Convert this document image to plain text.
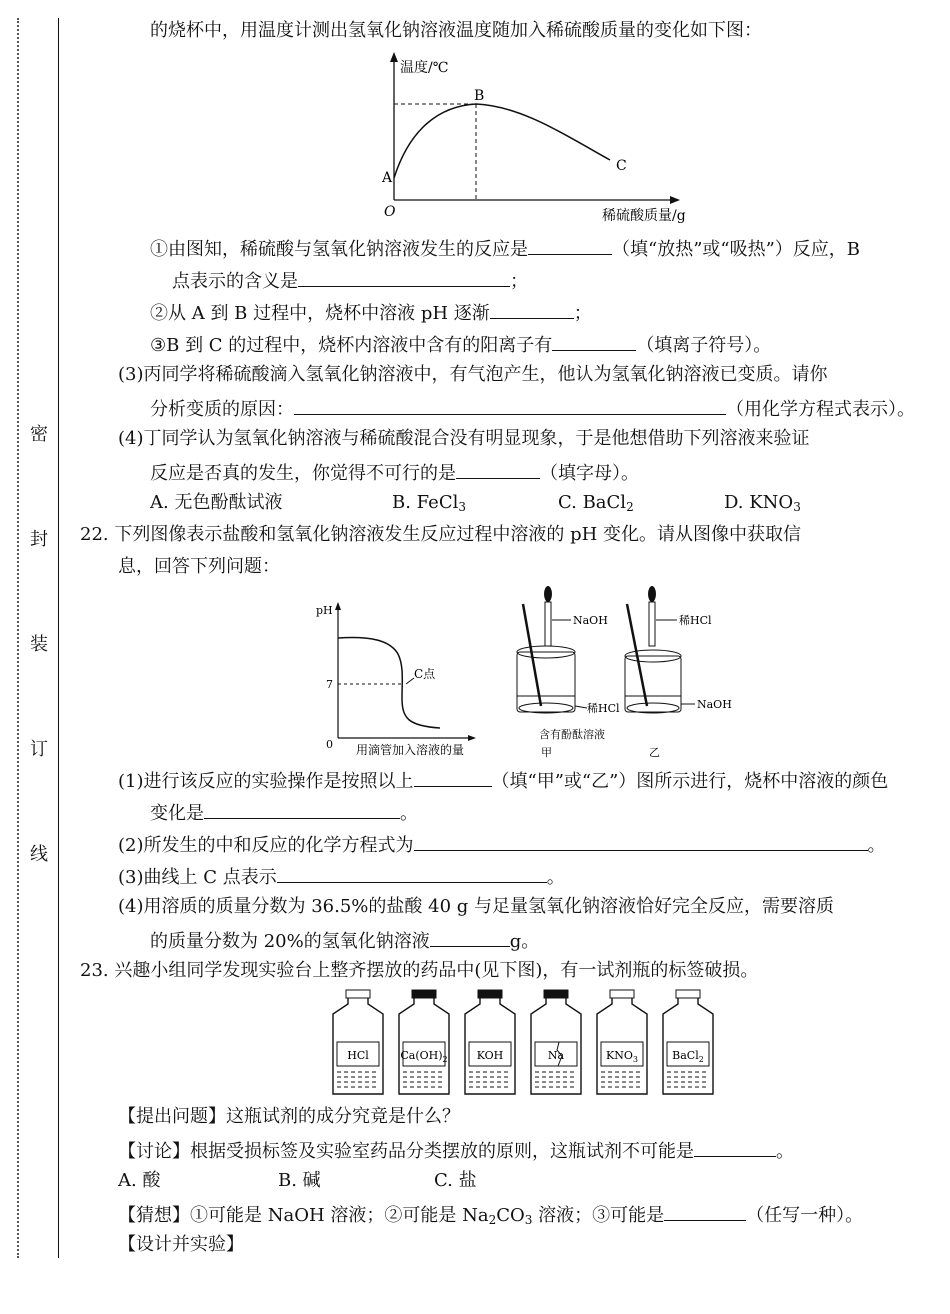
密
封
装
订
线
的烧杯中，用温度计测出氢氧化钠溶液温度随加入稀硫酸质量的变化如下图：
温度/℃
O
A
B
C
稀硫酸质量/g
①由图知，稀硫酸与氢氧化钠溶液发生的反应是	（填“放热”或“吸热”）反应，B
点表示的含义是	；
②从 A 到 B 过程中，烧杯中溶液 pH 逐渐	；
③B 到 C 的过程中，烧杯内溶液中含有的阳离子有	（填离子符号）。
(3)丙同学将稀硫酸滴入氢氧化钠溶液中，有气泡产生，他认为氢氧化钠溶液已变质。请你
分析变质的原因：	（用化学方程式表示）。
(4)丁同学认为氢氧化钠溶液与稀硫酸混合没有明显现象，于是他想借助下列溶液来验证
反应是否真的发生，你觉得不可行的是	（填字母）。
A. 无色酚酞试液	B. FeCl$_3$	C. BaCl$_2$	D. $KNO_3$
22. 下列图像表示盐酸和氢氧化钠溶液发生反应过程中溶液的 pH 变化。请从图像中获取信
息，回答下列问题：
pH
7
0
C点
用滴管加入溶液的量
NaOH
稀HCl
含有酚酞溶液
甲
稀HCl
NaOH
乙
(1)进行该反应的实验操作是按照以上	（填“甲”或“乙”）图所示进行，烧杯中溶液的颜色
变化是	。
(2)所发生的中和反应的化学方程式为	。
(3)曲线上 C 点表示	。
(4)用溶质的质量分数为 36.5%的盐酸 40 g 与足量氢氧化钠溶液恰好完全反应，需要溶质
的质量分数为 20%的氢氧化钠溶液	g。
23. 兴趣小组同学发现实验台上整齐摆放的药品中(见下图)，有一试剂瓶的标签破损。
HCl	$Ca(OH)_2$	KOH	Na	$KNO_3$	BaCl$_2$
【提出问题】这瓶试剂的成分究竟是什么？
【讨论】根据受损标签及实验室药品分类摆放的原则，这瓶试剂不可能是	。
A. 酸	B. 碱	C. 盐
【猜想】①可能是 NaOH 溶液；②可能是 $Na_2CO_3$ 溶液；③可能是	（任写一种）。
【设计并实验】
